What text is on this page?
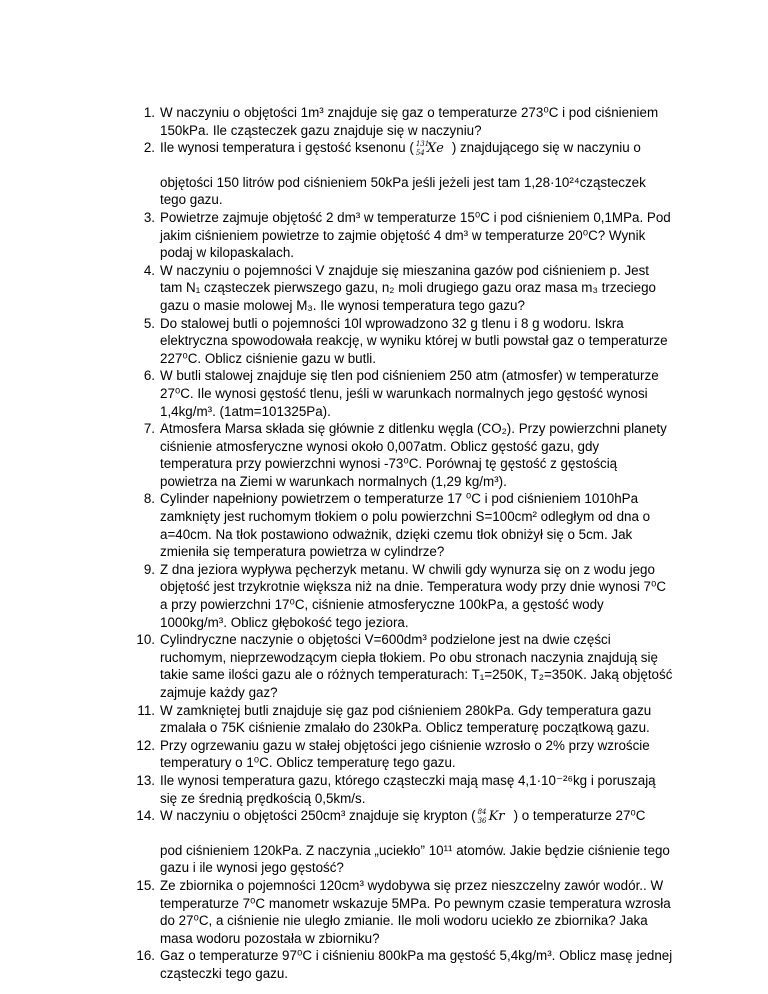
1. W naczyniu o objętości 1m³ znajduje się gaz o temperaturze 273⁰C i pod ciśnieniem 150kPa. Ile cząsteczek gazu znajduje się w naczyniu?
2. Ile wynosi temperatura i gęstość ksenonu ( 131
54 Xe ) znajdującego się w naczyniu o
objętości 150 litrów pod ciśnieniem 50kPa jeśli jeżeli jest tam 1,28·10²⁴cząsteczek tego gazu.
3. Powietrze zajmuje objętość 2 dm³ w temperaturze 15⁰C i pod ciśnieniem 0,1MPa. Pod jakim ciśnieniem powietrze to zajmie objętość 4 dm³ w temperaturze 20⁰C? Wynik podaj w kilopaskalach.
4. W naczyniu o pojemności V znajduje się mieszanina gazów pod ciśnieniem p. Jest tam N₁ cząsteczek pierwszego gazu, n₂ moli drugiego gazu oraz masa m₃ trzeciego gazu o masie molowej M₃. Ile wynosi temperatura tego gazu?
5. Do stalowej butli o pojemności 10l wprowadzono 32 g tlenu i 8 g wodoru. Iskra elektryczna spowodowała reakcję, w wyniku której w butli powstał gaz o temperaturze 227⁰C. Oblicz ciśnienie gazu w butli.
6. W butli stalowej znajduje się tlen pod ciśnieniem 250 atm (atmosfer) w temperaturze 27⁰C. Ile wynosi gęstość tlenu, jeśli w warunkach normalnych jego gęstość wynosi 1,4kg/m³. (1atm=101325Pa).
7. Atmosfera Marsa składa się głównie z ditlenku węgla (CO₂). Przy powierzchni planety ciśnienie atmosferyczne wynosi około 0,007atm. Oblicz gęstość gazu, gdy temperatura przy powierzchni wynosi -73⁰C. Porównaj tę gęstość z gęstością powietrza na Ziemi w warunkach normalnych (1,29 kg/m³).
8. Cylinder napełniony powietrzem o temperaturze 17 ⁰C i pod ciśnieniem 1010hPa zamknięty jest ruchomym tłokiem o polu powierzchni S=100cm² odległym od dna o a=40cm. Na tłok postawiono odważnik, dzięki czemu tłok obniżył się o 5cm. Jak zmieniła się temperatura powietrza w cylindrze?
9. Z dna jeziora wypływa pęcherzyk metanu. W chwili gdy wynurza się on z wodu jego objętość jest trzykrotnie większa niż na dnie. Temperatura wody przy dnie wynosi 7⁰C a przy powierzchni 17⁰C, ciśnienie atmosferyczne 100kPa, a gęstość wody 1000kg/m³. Oblicz głębokość tego jeziora.
10. Cylindryczne naczynie o objętości V=600dm³ podzielone jest na dwie części ruchomym, nieprzewodzącym ciepła tłokiem. Po obu stronach naczynia znajdują się takie same ilości gazu ale o różnych temperaturach: T₁=250K, T₂=350K. Jaką objętość zajmuje każdy gaz?
11. W zamkniętej butli znajduje się gaz pod ciśnieniem 280kPa. Gdy temperatura gazu zmalała o 75K ciśnienie zmalało do 230kPa. Oblicz temperaturę początkową gazu.
12. Przy ogrzewaniu gazu w stałej objętości jego ciśnienie wzrosło o 2% przy wzroście temperatury o 1⁰C. Oblicz temperaturę tego gazu.
13. Ile wynosi temperatura gazu, którego cząsteczki mają masę 4,1·10⁻²⁶kg i poruszają się ze średnią prędkością 0,5km/s.
14. W naczyniu o objętości 250cm³ znajduje się krypton ( 84
36 Kr ) o temperaturze 27⁰C
pod ciśnieniem 120kPa. Z naczynia „uciekło” 10¹¹ atomów. Jakie będzie ciśnienie tego gazu i ile wynosi jego gęstość?
15. Ze zbiornika o pojemności 120cm³ wydobywa się przez nieszczelny zawór wodór.. W temperaturze 7⁰C manometr wskazuje 5MPa. Po pewnym czasie temperatura wzrosła do 27⁰C, a ciśnienie nie uległo zmianie. Ile moli wodoru uciekło ze zbiornika? Jaka masa wodoru pozostała w zbiorniku?
16. Gaz o temperaturze 97⁰C i ciśnieniu 800kPa ma gęstość 5,4kg/m³. Oblicz masę jednej cząsteczki tego gazu.
